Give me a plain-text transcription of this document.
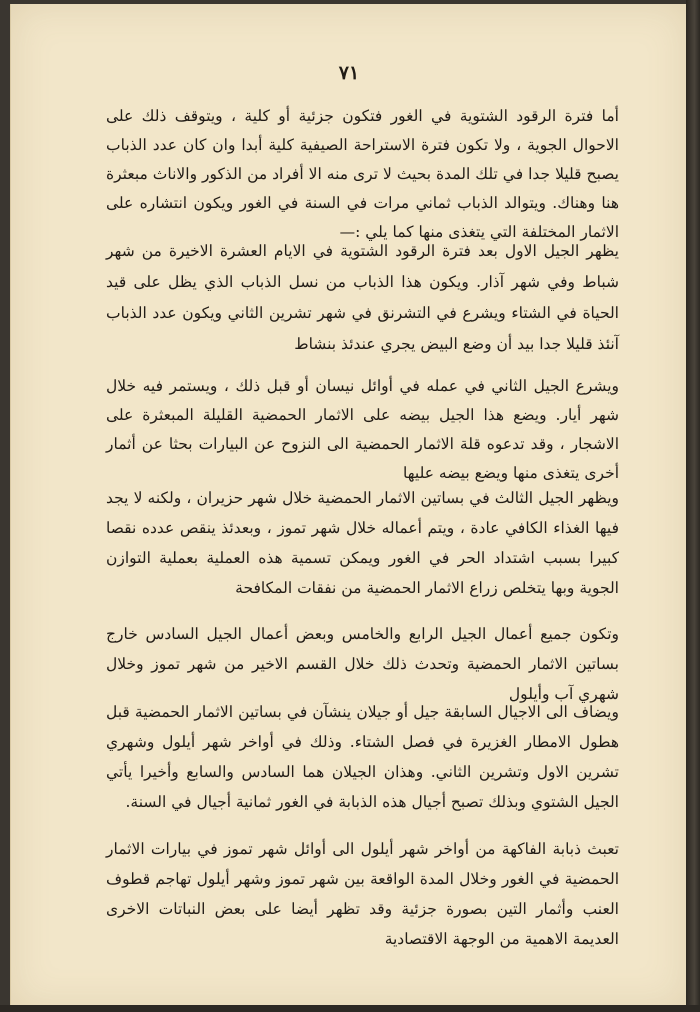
٧١

أما فترة الرقود الشتوية في الغور فتكون جزئية أو كلية ، ويتوقف ذلك على الاحوال الجوية ، ولا تكون فترة الاستراحة الصيفية كلية أبدا وان كان عدد الذباب يصبح قليلا جدا في تلك المدة بحيث لا ترى منه الا أفراد من الذكور والاناث مبعثرة هنا وهناك. ويتوالد الذباب ثماني مرات في السنة في الغور ويكون انتشاره على الاثمار المختلفة التي يتغذى منها كما يلي :—

يظهر الجيل الاول بعد فترة الرقود الشتوية في الايام العشرة الاخيرة من شهر شباط وفي شهر آذار. ويكون هذا الذباب من نسل الذباب الذي يظل على قيد الحياة في الشتاء ويشرع في التشرنق في شهر تشرين الثاني ويكون عدد الذباب آنئذ قليلا جدا بيد أن وضع البيض يجري عندئذ بنشاط

ويشرع الجيل الثاني في عمله في أوائل نيسان أو قبل ذلك ، ويستمر فيه خلال شهر أيار. ويضع هذا الجيل بيضه على الاثمار الحمضية القليلة المبعثرة على الاشجار ، وقد تدعوه قلة الاثمار الحمضية الى النزوح عن البيارات بحثا عن أثمار أخرى يتغذى منها ويضع بيضه عليها

ويظهر الجيل الثالث في بساتين الاثمار الحمضية خلال شهر حزيران ، ولكنه لا يجد فيها الغذاء الكافي عادة ، ويتم أعماله خلال شهر تموز ، وبعدئذ ينقص عدده نقصا كبيرا بسبب اشتداد الحر في الغور ويمكن تسمية هذه العملية بعملية التوازن الجوية وبها يتخلص زراع الاثمار الحمضية من نفقات المكافحة

وتكون جميع أعمال الجيل الرابع والخامس وبعض أعمال الجيل السادس خارج بساتين الاثمار الحمضية وتحدث ذلك خلال القسم الاخير من شهر تموز وخلال شهري آب وأيلول

ويضاف الى الاجيال السابقة جيل أو جيلان ينشآن في بساتين الاثمار الحمضية قبل هطول الامطار الغزيرة في فصل الشتاء. وذلك في أواخر شهر أيلول وشهري تشرين الاول وتشرين الثاني. وهذان الجيلان هما السادس والسابع وأخيرا يأتي الجيل الشتوي وبذلك تصبح أجيال هذه الذبابة في الغور ثمانية أجيال في السنة.

تعبث ذبابة الفاكهة من أواخر شهر أيلول الى أوائل شهر تموز في بيارات الاثمار الحمضية في الغور وخلال المدة الواقعة بين شهر تموز وشهر أيلول تهاجم قطوف العنب وأثمار التين بصورة جزئية وقد تظهر أيضا على بعض النباتات الاخرى العديمة الاهمية من الوجهة الاقتصادية
